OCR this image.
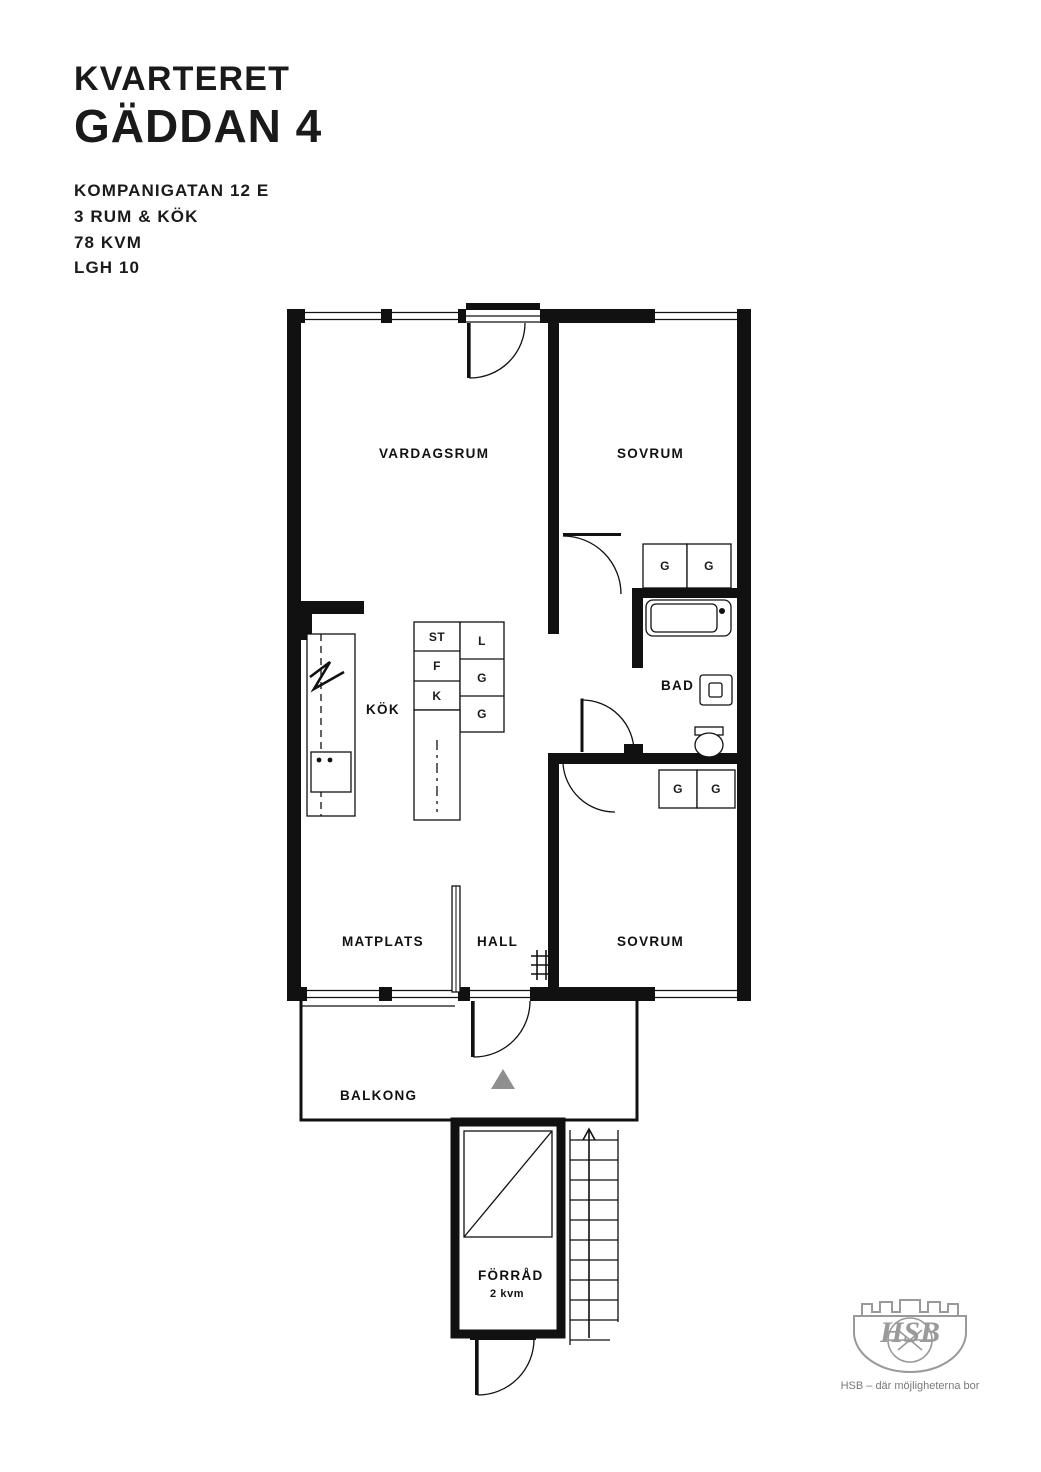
KVARTERET
GÄDDAN 4
KOMPANIGATAN 12 E
3 RUM & KÖK
78 KVM
LGH 10
VARDAGSRUM	SOVRUM
KÖK
BAD
MATPLATS	HALL	SOVRUM
BALKONG
FÖRRÅD
2 kvm
ST
F
K
L
G
G
G	G
G	G
HSB
HSB – där möjligheterna bor
